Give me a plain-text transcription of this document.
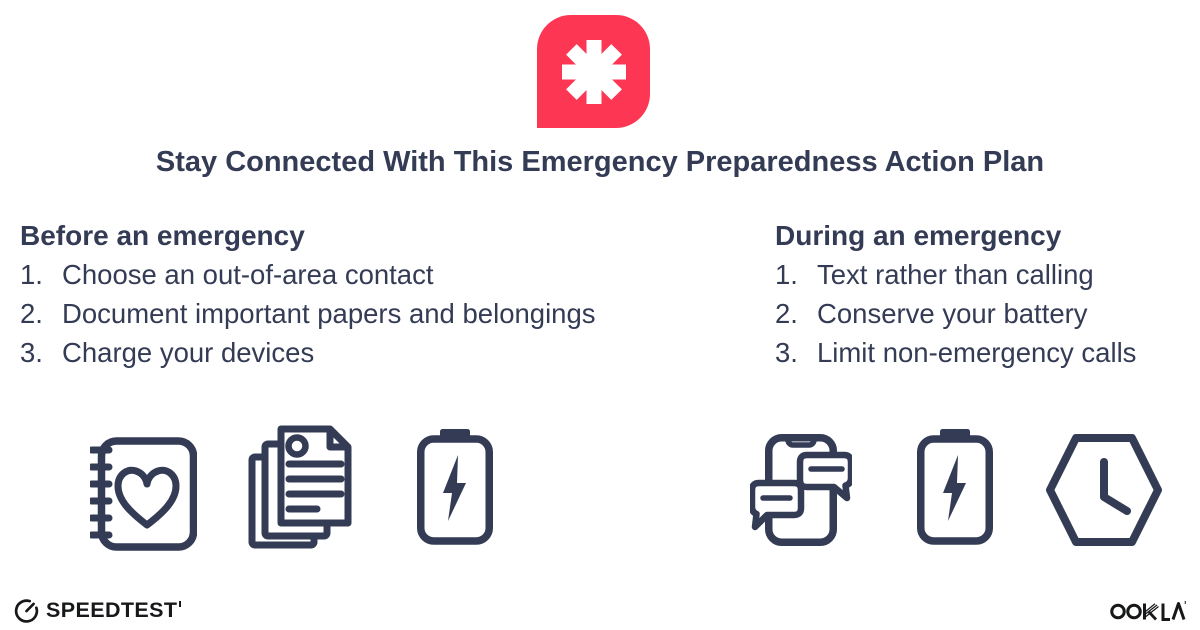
Stay Connected With This Emergency Preparedness Action Plan
Before an emergency
1. Choose an out-of-area contact
2. Document important papers and belongings
3. Charge your devices
During an emergency
1. Text rather than calling
2. Conserve your battery
3. Limit non-emergency calls
SPEEDTEST
